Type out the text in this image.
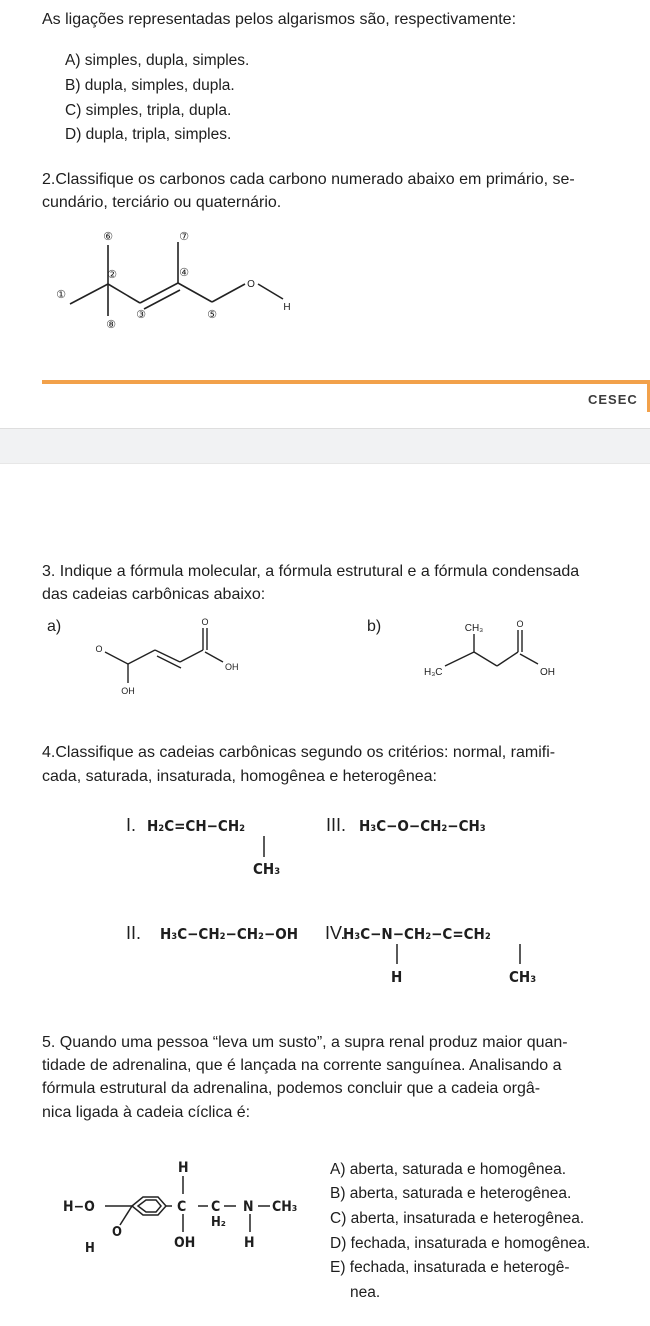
As ligações representadas pelos algarismos são, respectivamente:
A) simples, dupla, simples.
B) dupla, simples, dupla.
C) simples, tripla, dupla.
D) dupla, tripla, simples.
2.Classifique os carbonos cada carbono numerado abaixo em primário, se-
cundário, terciário ou quaternário.
⑥	⑦
②	④
①
③	⑤
⑧
O
H
CESEC
3. Indique a fórmula molecular, a fórmula estrutural e a fórmula condensada
das cadeias carbônicas abaixo:
a)	b)
O
OH
O
OH
CH₃	O
H₃C	OH
4.Classifique as cadeias carbônicas segundo os critérios: normal, ramifi-
cada, saturada, insaturada, homogênea e heterogênea:
I. H₂C=CH−CH₂
CH₃
III. H₃C−O−CH₂−CH₃
II. H₃C−CH₂−CH₂−OH IV.
H₃C−N−CH₂−C=CH₂
H	CH₃
5. Quando uma pessoa “leva um susto”, a supra renal produz maior quan-
tidade de adrenalina, que é lançada na corrente sanguínea. Analisando a
fórmula estrutural da adrenalina, podemos concluir que a cadeia orgâ-
nica ligada à cadeia cíclica é:
A) aberta, saturada e homogênea.
B) aberta, saturada e heterogênea.
C) aberta, insaturada e heterogênea.
D) fechada, insaturada e homogênea.
E) fechada, insaturada e heterogê-
nea.
H
H−O	C C
H₂
N CH₃
OH	H
O
H
